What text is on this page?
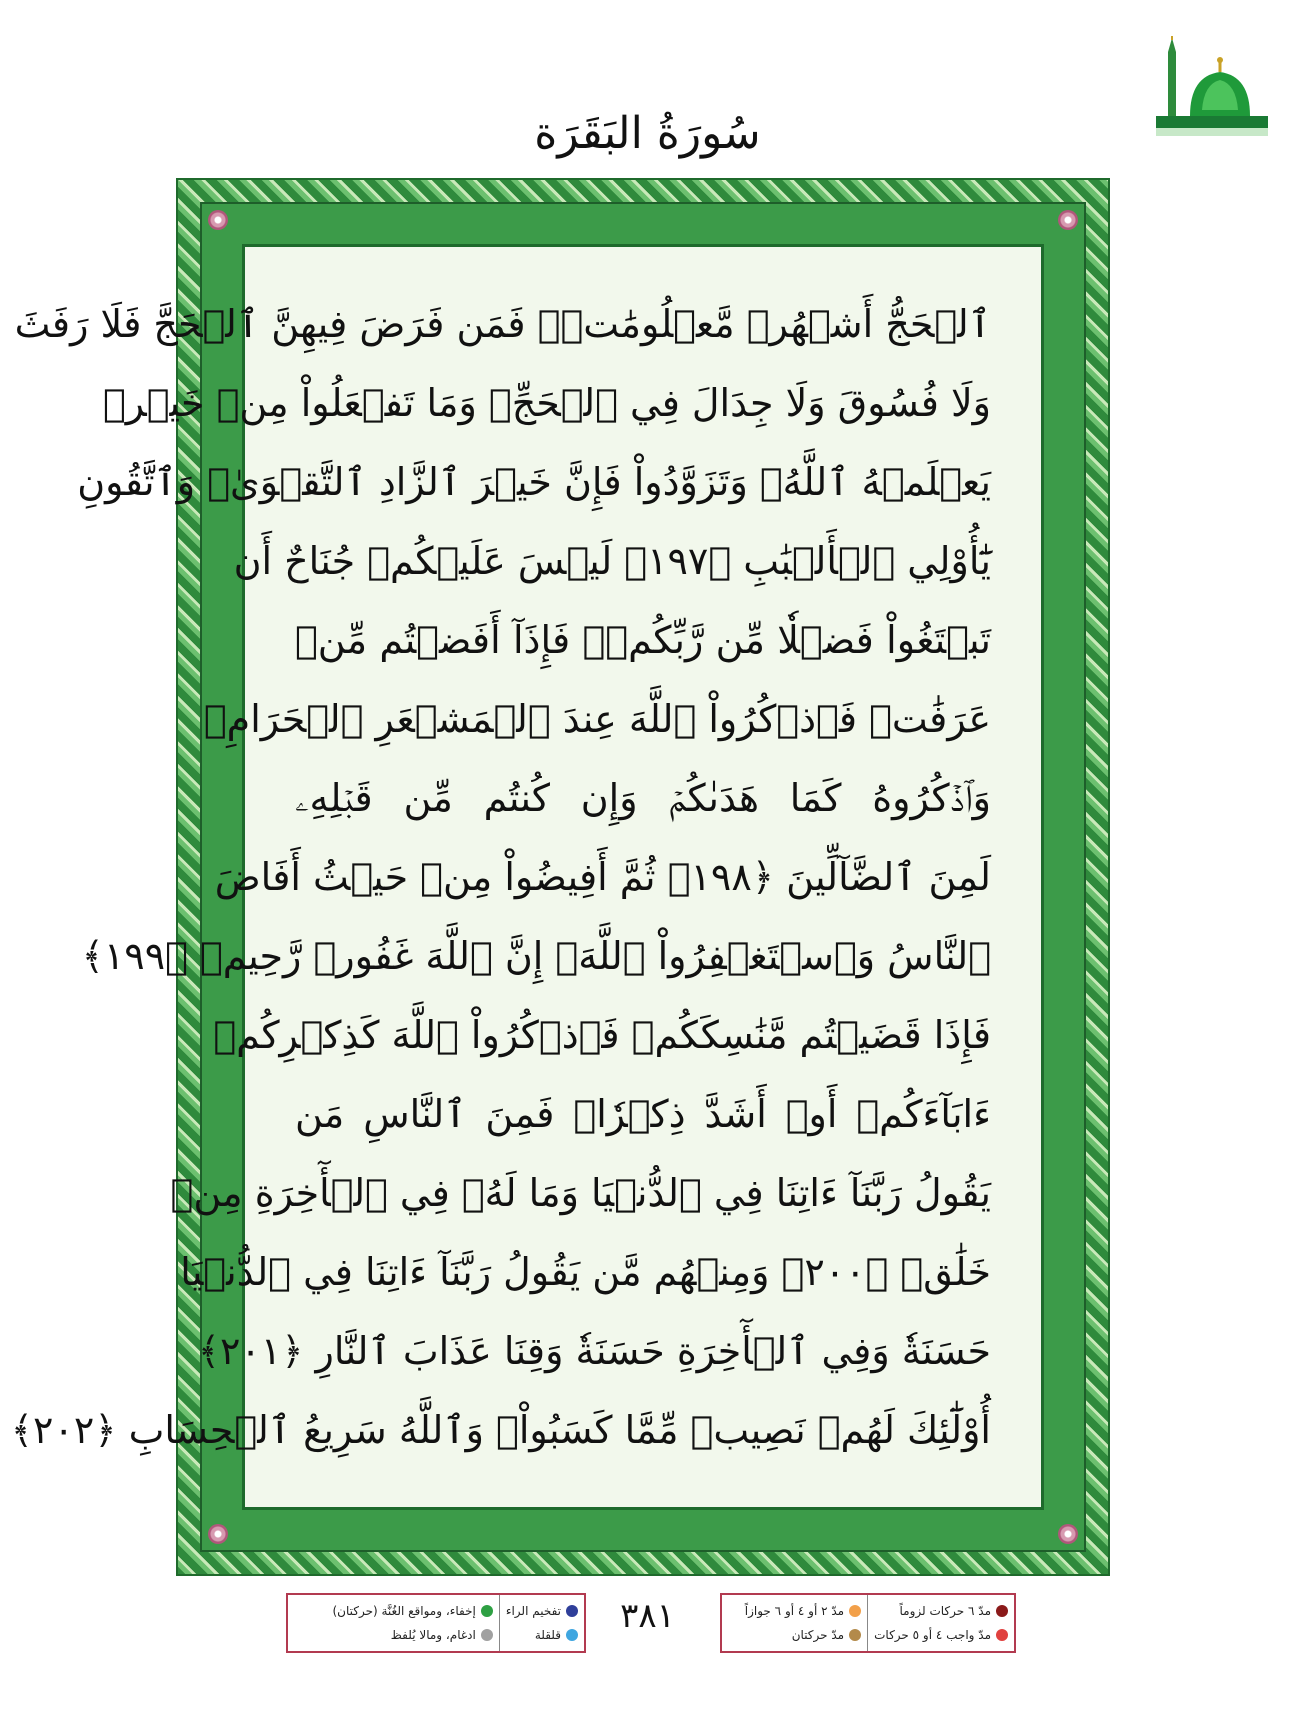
سُورَةُ البَقَرَة
ٱلۡحَجُّ أَشۡهُرٞ مَّعۡلُومَٰتٞۚ فَمَن فَرَضَ فِيهِنَّ ٱلۡحَجَّ فَلَا رَفَثَ
وَلَا فُسُوقَ وَلَا جِدَالَ فِي ٱلۡحَجِّۗ وَمَا تَفۡعَلُواْ مِنۡ خَيۡرٖ
يَعۡلَمۡهُ ٱللَّهُۗ وَتَزَوَّدُواْ فَإِنَّ خَيۡرَ ٱلزَّادِ ٱلتَّقۡوَىٰۖ وَٱتَّقُونِ
يَٰٓأُوْلِي ٱلۡأَلۡبَٰبِ ﴿١٩٧﴾ لَيۡسَ عَلَيۡكُمۡ جُنَاحٌ أَن
تَبۡتَغُواْ فَضۡلٗا مِّن رَّبِّكُمۡۚ فَإِذَآ أَفَضۡتُم مِّنۡ
عَرَفَٰتٖ فَٱذۡكُرُواْ ٱللَّهَ عِندَ ٱلۡمَشۡعَرِ ٱلۡحَرَامِۖ
وَٱذۡكُرُوهُ كَمَا هَدَىٰكُمۡ وَإِن كُنتُم مِّن قَبۡلِهِۦ
لَمِنَ ٱلضَّآلِّينَ ﴿١٩٨﴾ ثُمَّ أَفِيضُواْ مِنۡ حَيۡثُ أَفَاضَ
ٱلنَّاسُ وَٱسۡتَغۡفِرُواْ ٱللَّهَۚ إِنَّ ٱللَّهَ غَفُورٞ رَّحِيمٞ ﴿١٩٩﴾
فَإِذَا قَضَيۡتُم مَّنَٰسِكَكُمۡ فَٱذۡكُرُواْ ٱللَّهَ كَذِكۡرِكُمۡ
ءَابَآءَكُمۡ أَوۡ أَشَدَّ ذِكۡرٗاۗ فَمِنَ ٱلنَّاسِ مَن
يَقُولُ رَبَّنَآ ءَاتِنَا فِي ٱلدُّنۡيَا وَمَا لَهُۥ فِي ٱلۡأٓخِرَةِ مِنۡ
خَلَٰقٖ ﴿٢٠٠﴾ وَمِنۡهُم مَّن يَقُولُ رَبَّنَآ ءَاتِنَا فِي ٱلدُّنۡيَا
حَسَنَةٗ وَفِي ٱلۡأٓخِرَةِ حَسَنَةٗ وَقِنَا عَذَابَ ٱلنَّارِ ﴿٢٠١﴾
أُوْلَٰٓئِكَ لَهُمۡ نَصِيبٞ مِّمَّا كَسَبُواْۚ وَٱللَّهُ سَرِيعُ ٱلۡحِسَابِ ﴿٢٠٢﴾
تفخيم الراء
قلقلة
إخفاء، ومواقع الغُنَّة (حركتان)
ادغام، ومالا يُلفظ	٣٨١	مدّ ٦ حركات لزوماً
مدّ واجب ٤ أو ٥ حركات
مدّ ٢ أو ٤ أو ٦ جوازاً
مدّ حركتان
